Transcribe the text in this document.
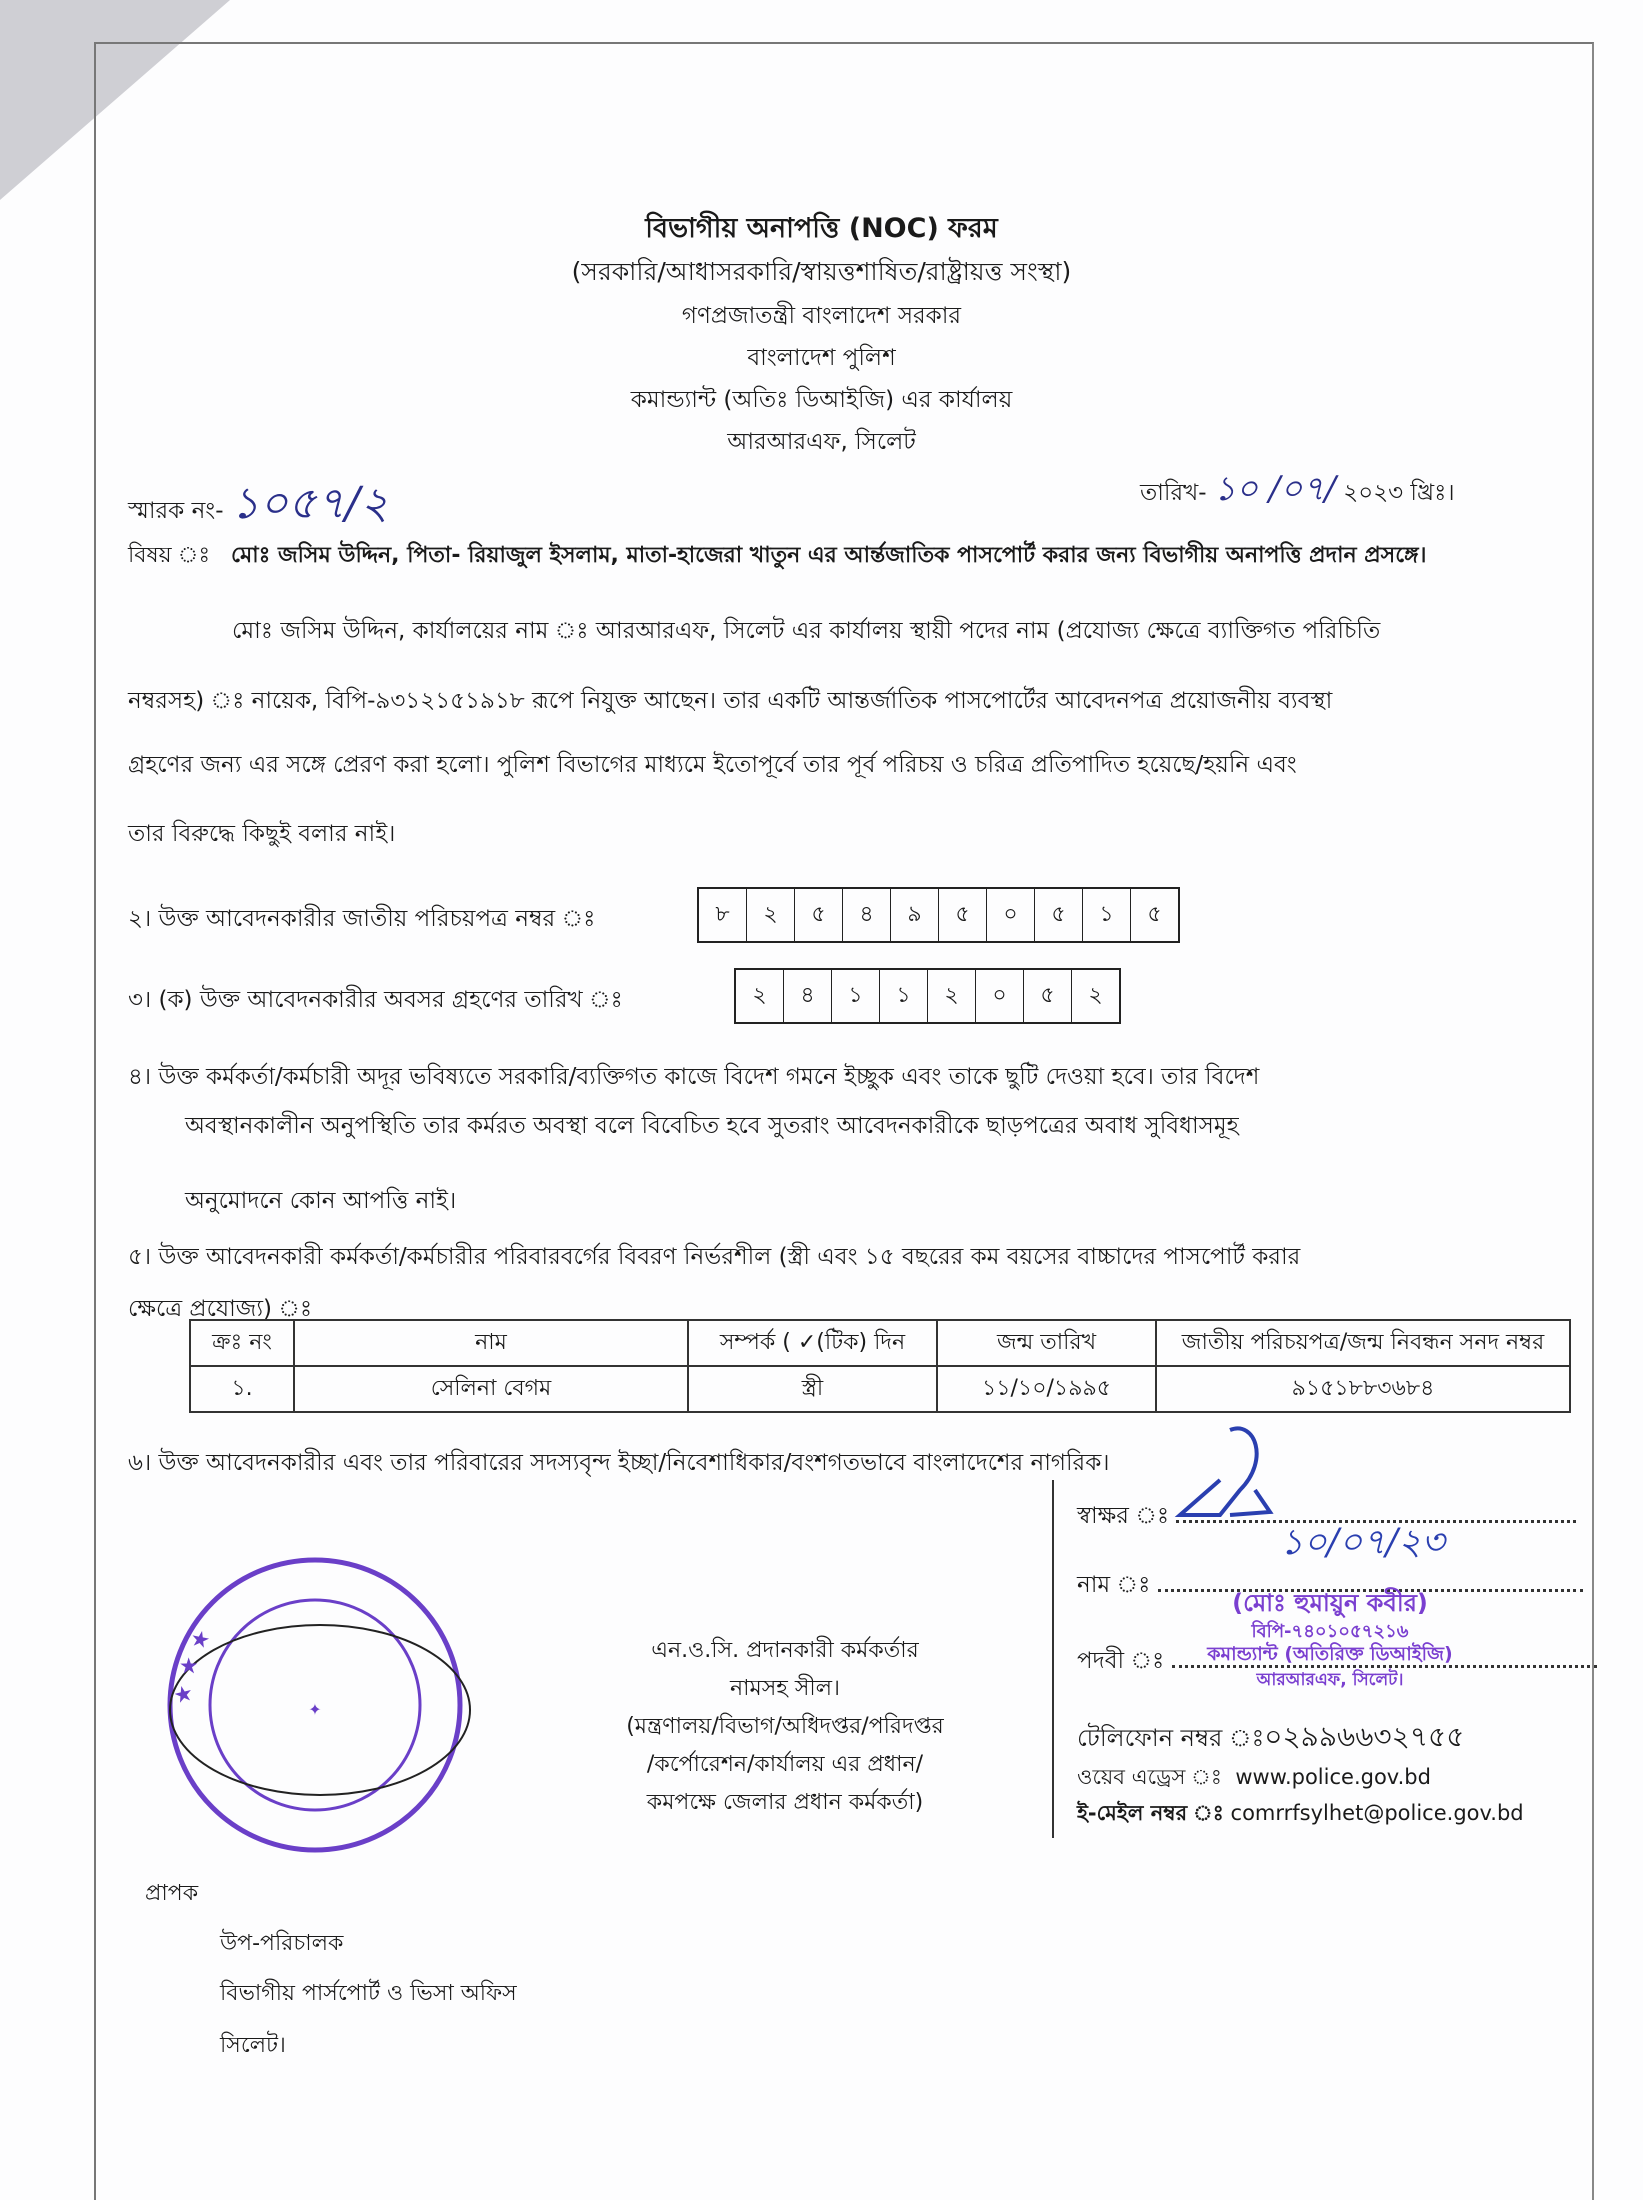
বিভাগীয় অনাপত্তি (NOC) ফরম
(সরকারি/আধাসরকারি/স্বায়ত্তশাষিত/রাষ্ট্রায়ত্ত সংস্থা)
গণপ্রজাতন্ত্রী বাংলাদেশ সরকার
বাংলাদেশ পুলিশ
কমান্ড্যান্ট (অতিঃ ডিআইজি) এর কার্যালয়
আরআরএফ, সিলেট
স্মারক নং- ১০৫৭/২	তারিখ- ১০ /০৭/ ২০২৩ খ্রিঃ।
বিষয় ঃ মোঃ জসিম উদ্দিন, পিতা- রিয়াজুল ইসলাম, মাতা-হাজেরা খাতুন এর আর্ন্তজাতিক পাসপোর্ট করার জন্য বিভাগীয় অনাপত্তি প্রদান প্রসঙ্গে।
মোঃ জসিম উদ্দিন, কার্যালয়ের নাম ঃ আরআরএফ, সিলেট এর কার্যালয় স্থায়ী পদের নাম (প্রযোজ্য ক্ষেত্রে ব্যাক্তিগত পরিচিতি
নম্বরসহ) ঃ নায়েক, বিপি-৯৩১২১৫১৯১৮ রূপে নিযুক্ত আছেন। তার একটি আন্তর্জাতিক পাসপোর্টের আবেদনপত্র প্রয়োজনীয় ব্যবস্থা
গ্রহণের জন্য এর সঙ্গে প্রেরণ করা হলো। পুলিশ বিভাগের মাধ্যমে ইতোপূর্বে তার পূর্ব পরিচয় ও চরিত্র প্রতিপাদিত হয়েছে/হয়নি এবং
তার বিরুদ্ধে কিছুই বলার নাই।
২। উক্ত আবেদনকারীর জাতীয় পরিচয়পত্র নম্বর ঃ	৮	২	৫	৪	৯	৫	০	৫	১	৫
৩। (ক) উক্ত আবেদনকারীর অবসর গ্রহণের তারিখ ঃ	২	৪	১	১	২	০	৫	২
৪। উক্ত কর্মকর্তা/কর্মচারী অদূর ভবিষ্যতে সরকারি/ব্যক্তিগত কাজে বিদেশ গমনে ইচ্ছুক এবং তাকে ছুটি দেওয়া হবে। তার বিদেশ
অবস্থানকালীন অনুপস্থিতি তার কর্মরত অবস্থা বলে বিবেচিত হবে সুতরাং আবেদনকারীকে ছাড়পত্রের অবাধ সুবিধাসমূহ
অনুমোদনে কোন আপত্তি নাই।
৫। উক্ত আবেদনকারী কর্মকর্তা/কর্মচারীর পরিবারবর্গের বিবরণ নির্ভরশীল (স্ত্রী এবং ১৫ বছরের কম বয়সের বাচ্চাদের পাসপোর্ট করার
ক্ষেত্রে প্রযোজ্য) ঃ
ক্রঃ নং	নাম	সম্পর্ক ( ✓(টিক) দিন	জন্ম তারিখ	জাতীয় পরিচয়পত্র/জন্ম নিবন্ধন সনদ নম্বর
১.	সেলিনা বেগম	স্ত্রী	১১/১০/১৯৯৫	৯১৫১৮৮৩৬৮৪
৬। উক্ত আবেদনকারীর এবং তার পরিবারের সদস্যবৃন্দ ইচ্ছা/নিবেশাধিকার/বংশগতভাবে বাংলাদেশের নাগরিক।
স্বাক্ষর ঃ
১০/০৭/২৩
নাম ঃ
(মোঃ হুমায়ুন কবীর)
বিপি-৭৪০১০৫৭২১৬
পদবী ঃ	কমান্ড্যান্ট (অতিরিক্ত ডিআইজি)
আরআরএফ, সিলেট।
টেলিফোন নম্বর ঃ০২৯৯৬৬৩২৭৫৫
ওয়েব এড্রেস ঃ www.police.gov.bd
ই-মেইল নম্বর ঃ comrrfsylhet@police.gov.bd
এন.ও.সি. প্রদানকারী কর্মকর্তার
নামসহ সীল।
(মন্ত্রণালয়/বিভাগ/অধিদপ্তর/পরিদপ্তর
/কর্পোরেশন/কার্যালয় এর প্রধান/
কমপক্ষে জেলার প্রধান কর্মকর্তা)
★ ★ ★
✦
প্রাপক
উপ-পরিচালক
বিভাগীয় পার্সপোর্ট ও ভিসা অফিস
সিলেট।
